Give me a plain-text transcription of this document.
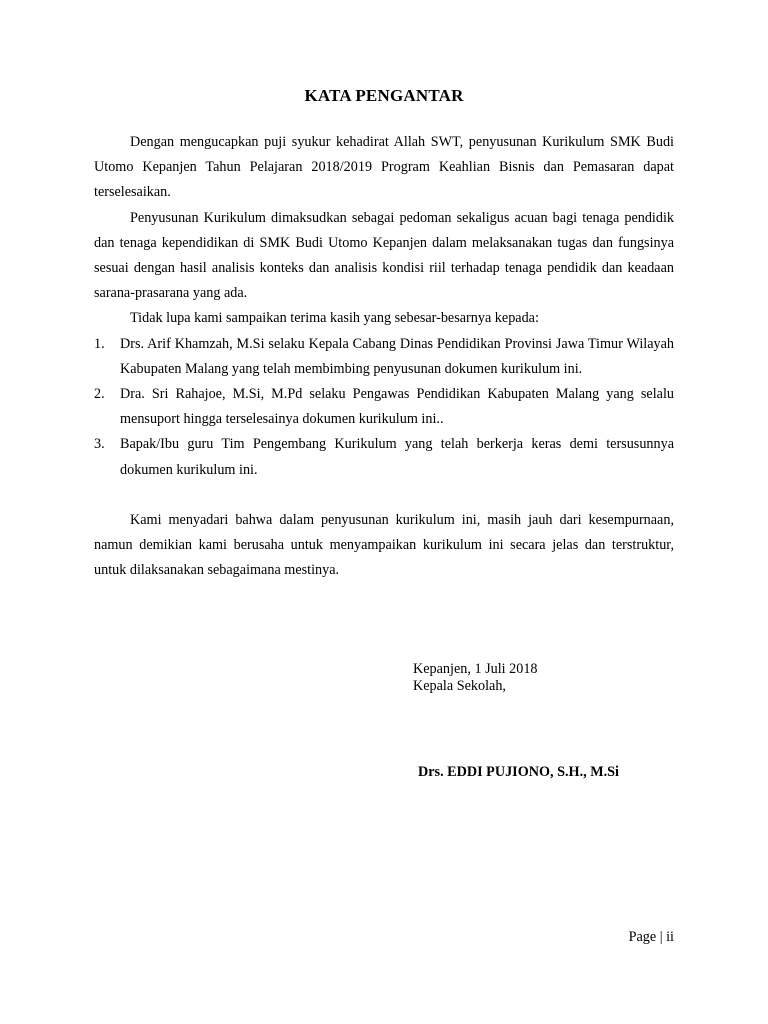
KATA PENGANTAR

Dengan mengucapkan puji syukur kehadirat Allah SWT, penyusunan Kurikulum SMK Budi Utomo Kepanjen Tahun Pelajaran 2018/2019 Program Keahlian Bisnis dan Pemasaran dapat terselesaikan.

Penyusunan Kurikulum dimaksudkan sebagai pedoman sekaligus acuan bagi tenaga pendidik dan tenaga kependidikan di SMK Budi Utomo Kepanjen dalam melaksanakan tugas dan fungsinya sesuai dengan hasil analisis konteks dan analisis kondisi riil terhadap tenaga pendidik dan keadaan sarana-prasarana yang ada.

Tidak lupa kami sampaikan terima kasih yang sebesar-besarnya kepada:

1. Drs. Arif Khamzah, M.Si selaku Kepala Cabang Dinas Pendidikan Provinsi Jawa Timur Wilayah Kabupaten Malang yang telah membimbing penyusunan dokumen kurikulum ini.
2. Dra. Sri Rahajoe, M.Si, M.Pd selaku Pengawas Pendidikan Kabupaten Malang yang selalu mensuport hingga terselesainya dokumen kurikulum ini..
3. Bapak/Ibu guru Tim Pengembang Kurikulum yang telah berkerja keras demi tersusunnya dokumen kurikulum ini.

Kami menyadari bahwa dalam penyusunan kurikulum ini, masih jauh dari kesempurnaan, namun demikian kami berusaha untuk menyampaikan kurikulum ini secara jelas dan terstruktur, untuk dilaksanakan sebagaimana mestinya.

Kepanjen, 1 Juli 2018
Kepala Sekolah,
Drs. EDDI PUJIONO, S.H., M.Si
Page | ii
